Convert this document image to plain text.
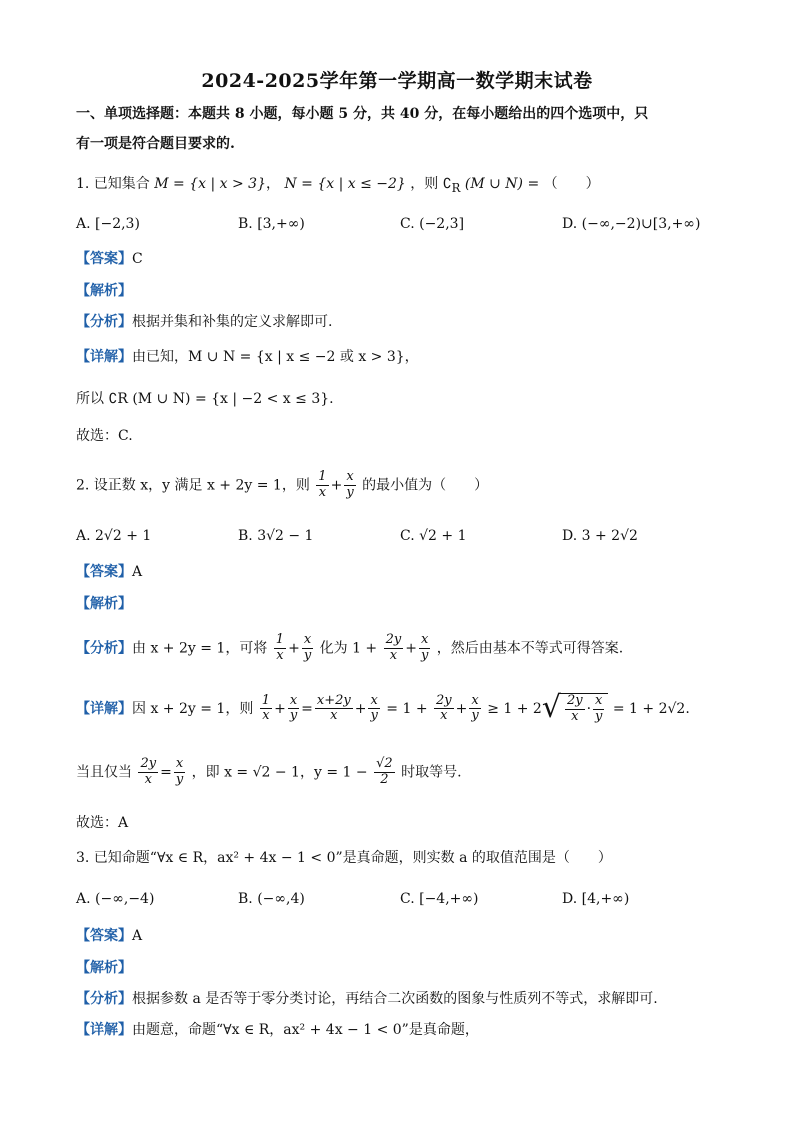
2024-2025学年第一学期高一数学期末试卷
一、单项选择题：本题共 8 小题，每小题 5 分，共 40 分，在每小题给出的四个选项中，只
有一项是符合题目要求的.
1. 已知集合 M = {x | x > 3}， N = {x | x ≤ −2} ，则 $∁_R$ (M ∪ N) = （　　）
A. [−2,3)	B. [3,+∞)	C. (−2,3]	D. (−∞,−2)∪[3,+∞)
【答案】C
【解析】
【分析】根据并集和补集的定义求解即可.
【详解】由已知，M ∪ N = {x | x ≤ −2 或 x > 3}，
所以 ∁R (M ∪ N) = {x | −2 < x ≤ 3}.
故选：C.
2. 设正数 x，y 满足 x + 2y = 1，则 $\frac{1}{x} + \frac{x}{y}$ 的最小值为（　　）
A. 2√2 + 1	B. 3√2 − 1	C. √2 + 1	D. 3 + 2√2
【答案】A
【解析】
【分析】由 x + 2y = 1，可将 $\frac{1}{x} + \frac{x}{y}$ 化为 $1 + \frac{2y}{x} + \frac{x}{y}$ ，然后由基本不等式可得答案.
【详解】因 x + 2y = 1，则 $\frac{1}{x} + \frac{x}{y} = \frac{x+2y}{x} + \frac{x}{y} = 1 + \frac{2y}{x} + \frac{x}{y} \ge 1 + 2$ √ $\frac{2y}{x} \cdot \frac{x}{y} = 1 + 2√2$.
当且仅当 $\frac{2y}{x} = \frac{x}{y}$ ，即 x = √2 − 1，$y = 1 - \frac{√2}{2}$ 时取等号.
故选：A
3. 已知命题“∀x ∈ R，ax² + 4x − 1 < 0”是真命题，则实数 a 的取值范围是（　　）
A. (−∞,−4)	B. (−∞,4)	C. [−4,+∞)	D. [4,+∞)
【答案】A
【解析】
【分析】根据参数 a 是否等于零分类讨论，再结合二次函数的图象与性质列不等式，求解即可.
【详解】由题意，命题“∀x ∈ R，ax² + 4x − 1 < 0”是真命题，
